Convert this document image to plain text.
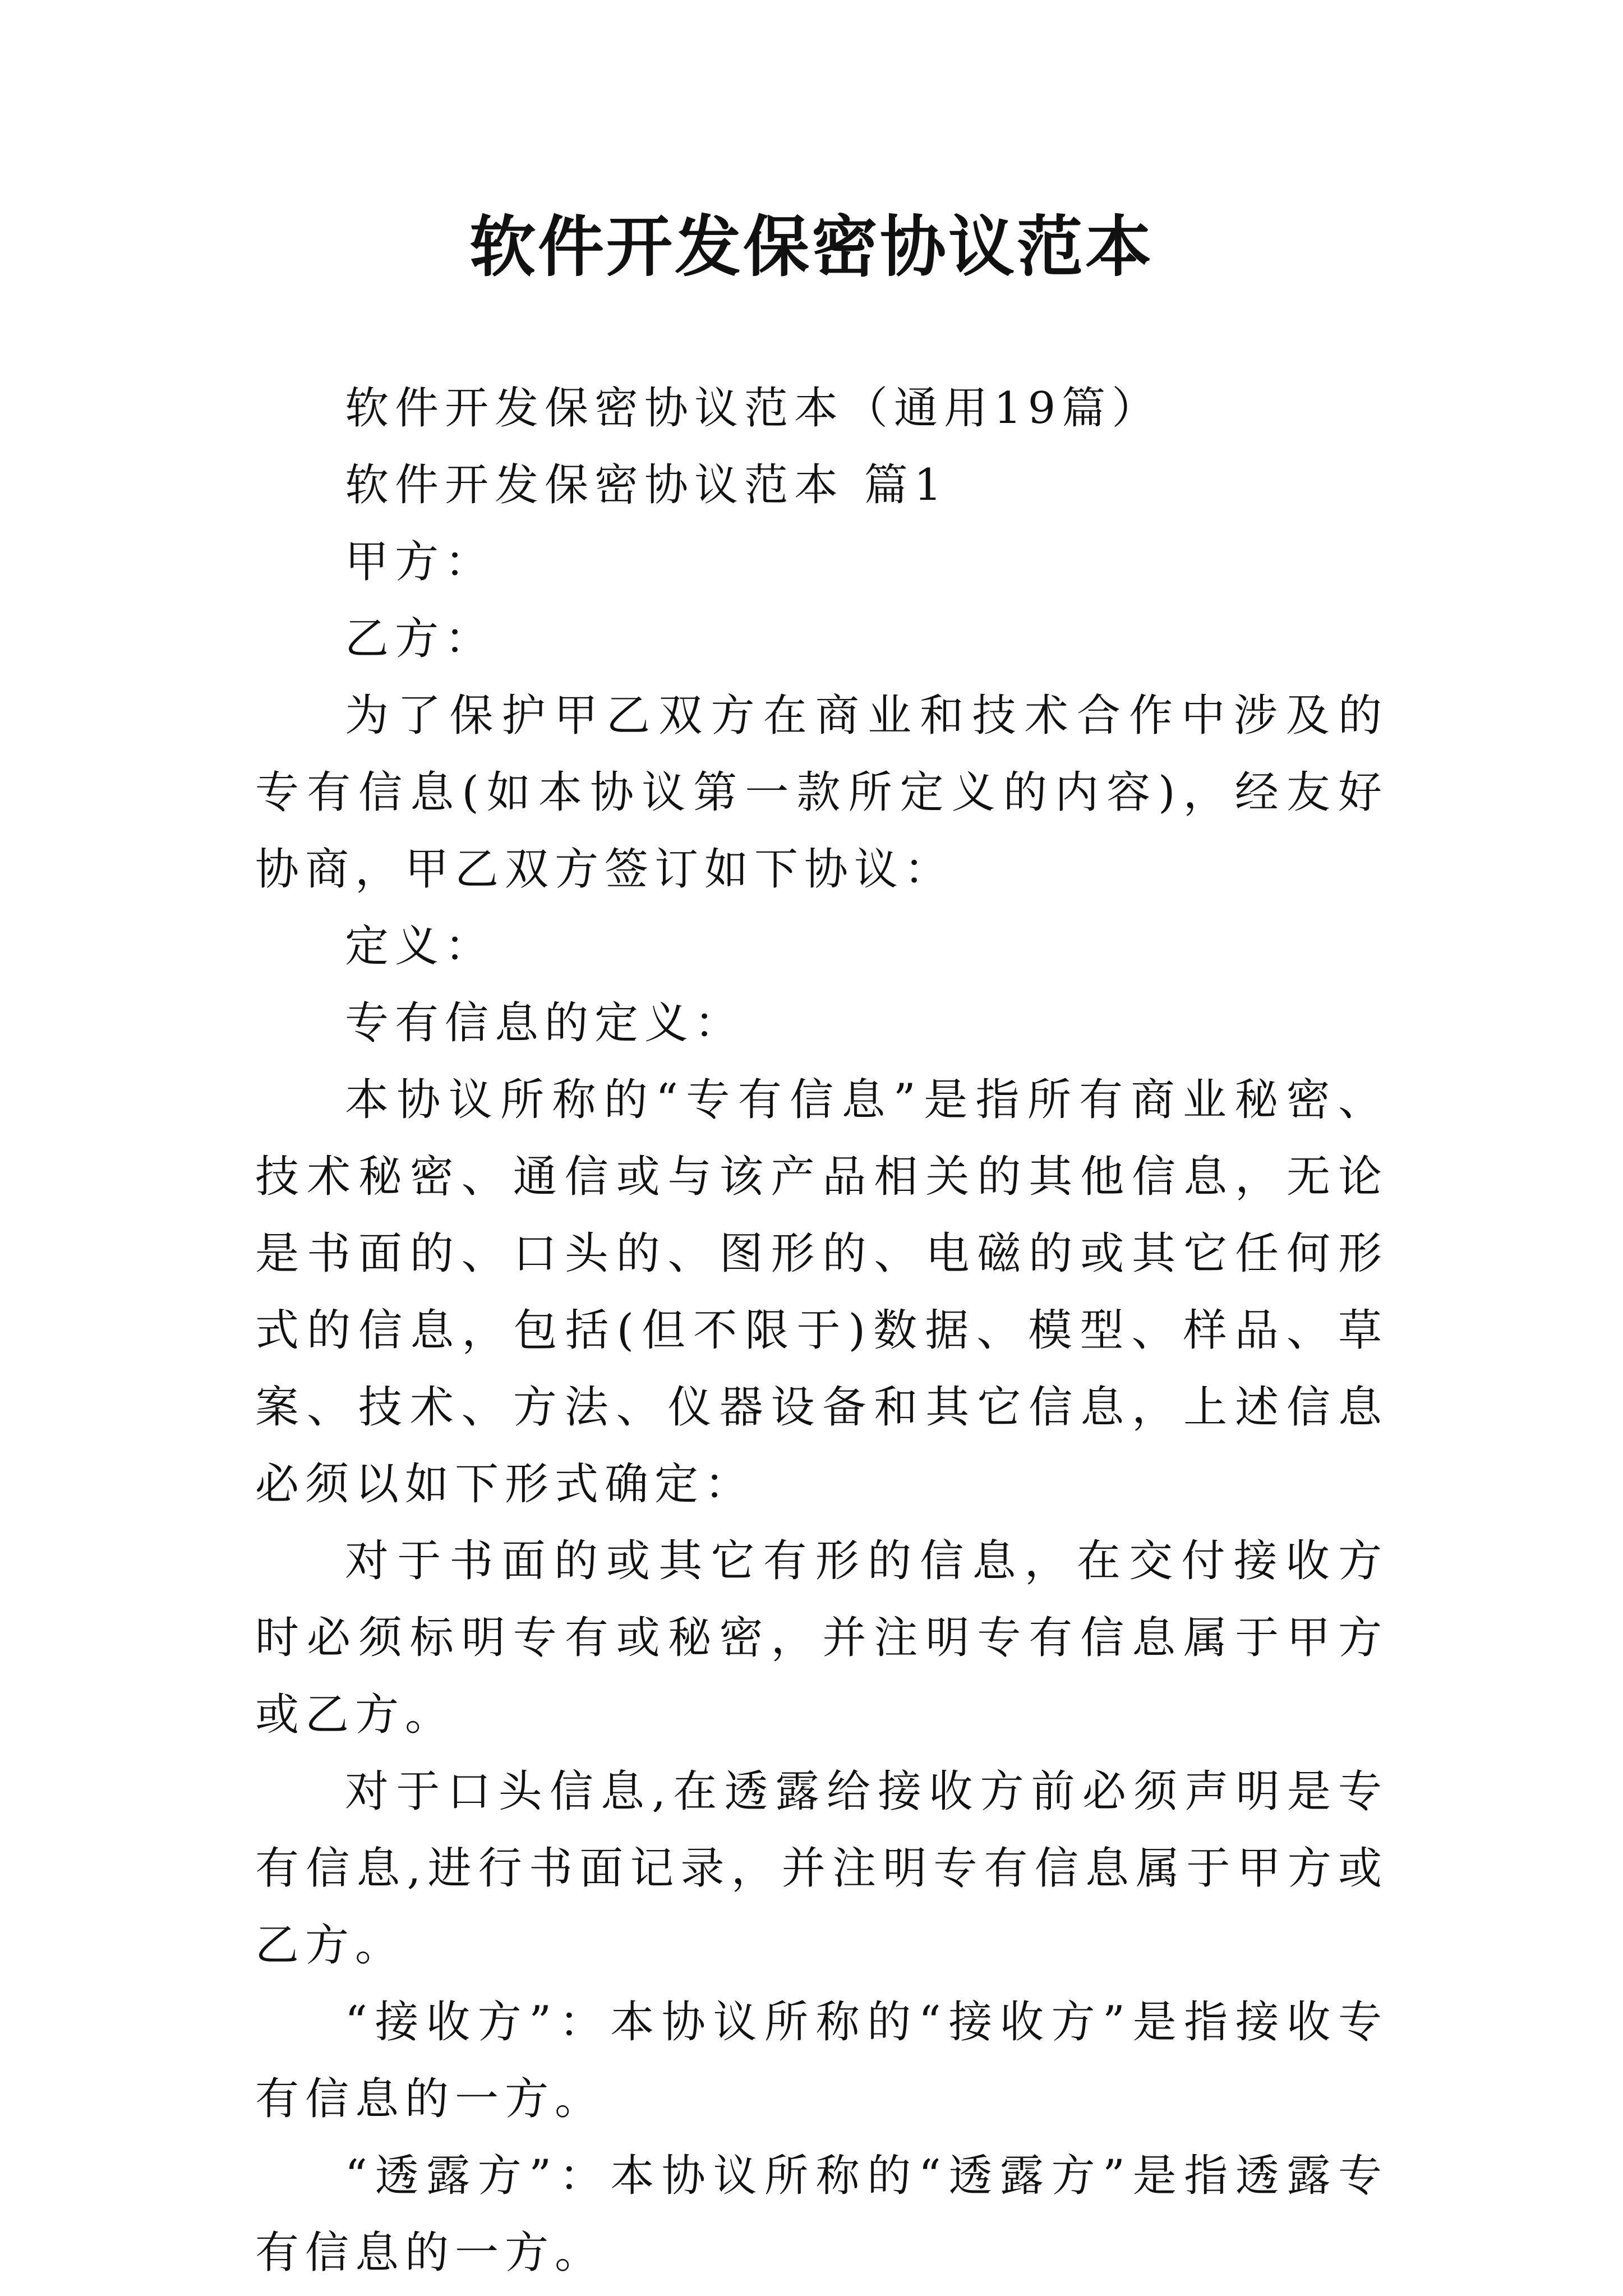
软件开发保密协议范本

软件开发保密协议范本（通用19篇）

软件开发保密协议范本 篇1

甲方：

乙方：

为了保护甲乙双方在商业和技术合作中涉及的专有信息(如本协议第一款所定义的内容)，经友好协商，甲乙双方签订如下协议：

定义：

专有信息的定义：

本协议所称的“专有信息”是指所有商业秘密、技术秘密、通信或与该产品相关的其他信息，无论是书面的、口头的、图形的、电磁的或其它任何形式的信息，包括(但不限于)数据、模型、样品、草案、技术、方法、仪器设备和其它信息，上述信息必须以如下形式确定：

对于书面的或其它有形的信息，在交付接收方时必须标明专有或秘密，并注明专有信息属于甲方或乙方。

对于口头信息,在透露给接收方前必须声明是专有信息,进行书面记录，并注明专有信息属于甲方或乙方。

“接收方”：本协议所称的“接收方”是指接收专有信息的一方。

“透露方”：本协议所称的“透露方”是指透露专有信息的一方。
